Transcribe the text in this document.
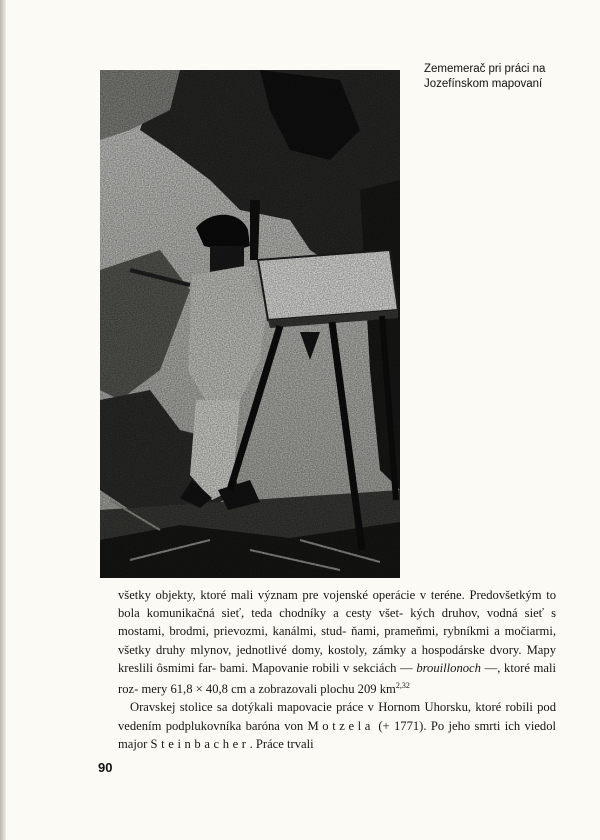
Zememerač pri práci na Jozefínskom mapovaní

všetky objekty, ktoré mali význam pre vojenské operácie v teréne. Predovšetkým to bola komunikačná sieť, teda chodníky a cesty všet- kých druhov, vodná sieť s mostami, brodmi, prievozmi, kanálmi, stud- ňami, prameňmi, rybníkmi a močiarmi, všetky druhy mlynov, jednotlivé domy, kostoly, zámky a hospodárske dvory. Mapy kreslili ôsmimi far- bami. Mapovanie robili v sekciách — brouillonoch —, ktoré mali roz- mery 61,8 × 40,8 cm a zobrazovali plochu 209 km$^{2,32}$

Oravskej stolice sa dotýkali mapovacie práce v Hornom Uhorsku, ktoré robili pod vedením podplukovníka baróna von Motzela (+ 1771). Po jeho smrti ich viedol major Steinbacher. Práce trvali

90
